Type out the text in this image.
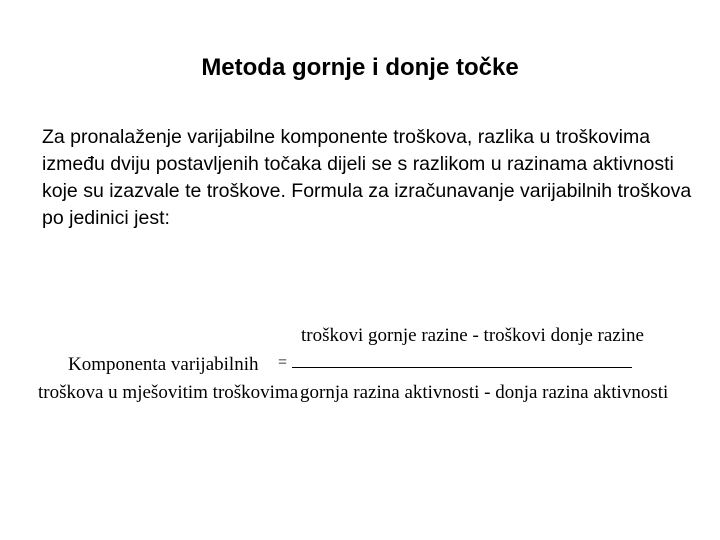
Metoda gornje i donje točke

Za pronalaženje varijabilne komponente troškova, razlika u troškovima između dviju postavljenih točaka dijeli se s razlikom u razinama aktivnosti koje su izazvale te troškove. Formula za izračunavanje varijabilnih troškova po jedinici jest:

Komponenta varijabilnih
troškova u mješovitim troškovima
=
troškovi gornje razine - troškovi donje razine
gornja razina aktivnosti - donja razina aktivnosti
